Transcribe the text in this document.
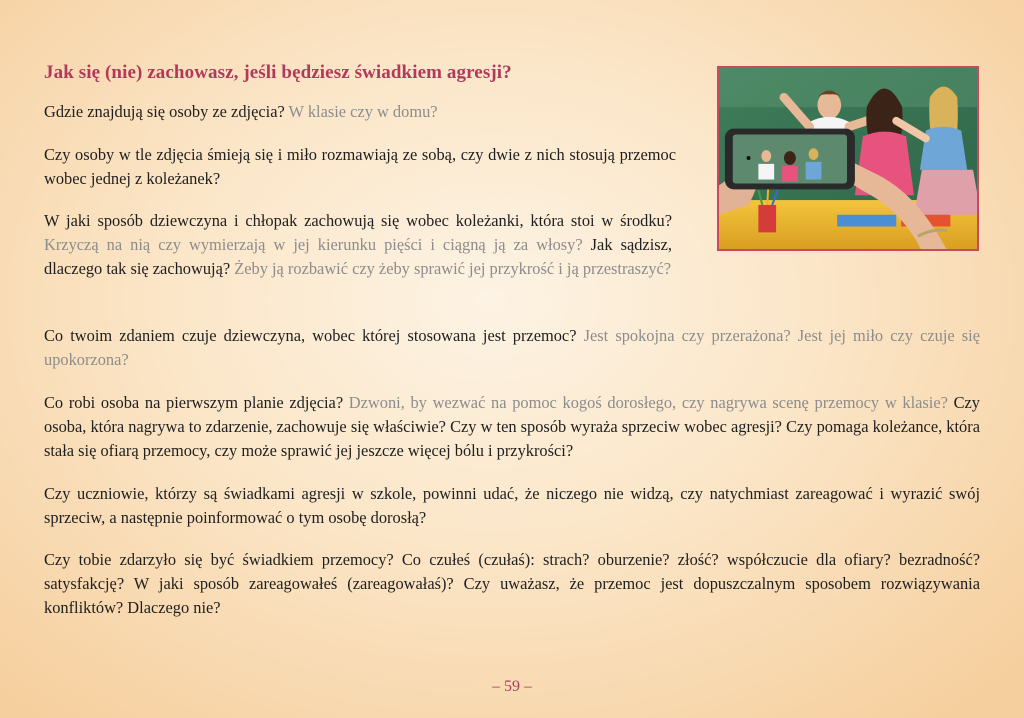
Jak się (nie) zachowasz, jeśli będziesz świadkiem agresji?

Gdzie znajdują się osoby ze zdjęcia? W klasie czy w domu?

Czy osoby w tle zdjęcia śmieją się i miło rozmawiają ze sobą, czy dwie z nich stosują przemoc wobec jednej z koleżanek?

W jaki sposób dziewczyna i chłopak zachowują się wobec koleżanki, która stoi w środku? Krzyczą na nią czy wymierzają w jej kierunku pięści i ciągną ją za włosy? Jak sądzisz, dlaczego tak się zachowują? Żeby ją rozbawić czy żeby sprawić jej przykrość i ją przestraszyć?

Co twoim zdaniem czuje dziewczyna, wobec której stosowana jest przemoc? Jest spokojna czy przerażona? Jest jej miło czy czuje się upokorzona?

Co robi osoba na pierwszym planie zdjęcia? Dzwoni, by wezwać na pomoc kogoś dorosłego, czy nagrywa scenę przemocy w klasie? Czy osoba, która nagrywa to zdarzenie, zachowuje się właściwie? Czy w ten sposób wyraża sprzeciw wobec agresji? Czy pomaga koleżance, która stała się ofiarą przemocy, czy może sprawić jej jeszcze więcej bólu i przykrości?

Czy uczniowie, którzy są świadkami agresji w szkole, powinni udać, że niczego nie widzą, czy natychmiast zareagować i wyrazić swój sprzeciw, a następnie poinformować o tym osobę dorosłą?

Czy tobie zdarzyło się być świadkiem przemocy? Co czułeś (czułaś): strach? oburzenie? złość? współczucie dla ofiary? bezradność? satysfakcję? W jaki sposób zareagowałeś (zareagowałaś)? Czy uważasz, że przemoc jest dopuszczalnym sposobem rozwiązywania konfliktów? Dlaczego nie?

– 59 –
